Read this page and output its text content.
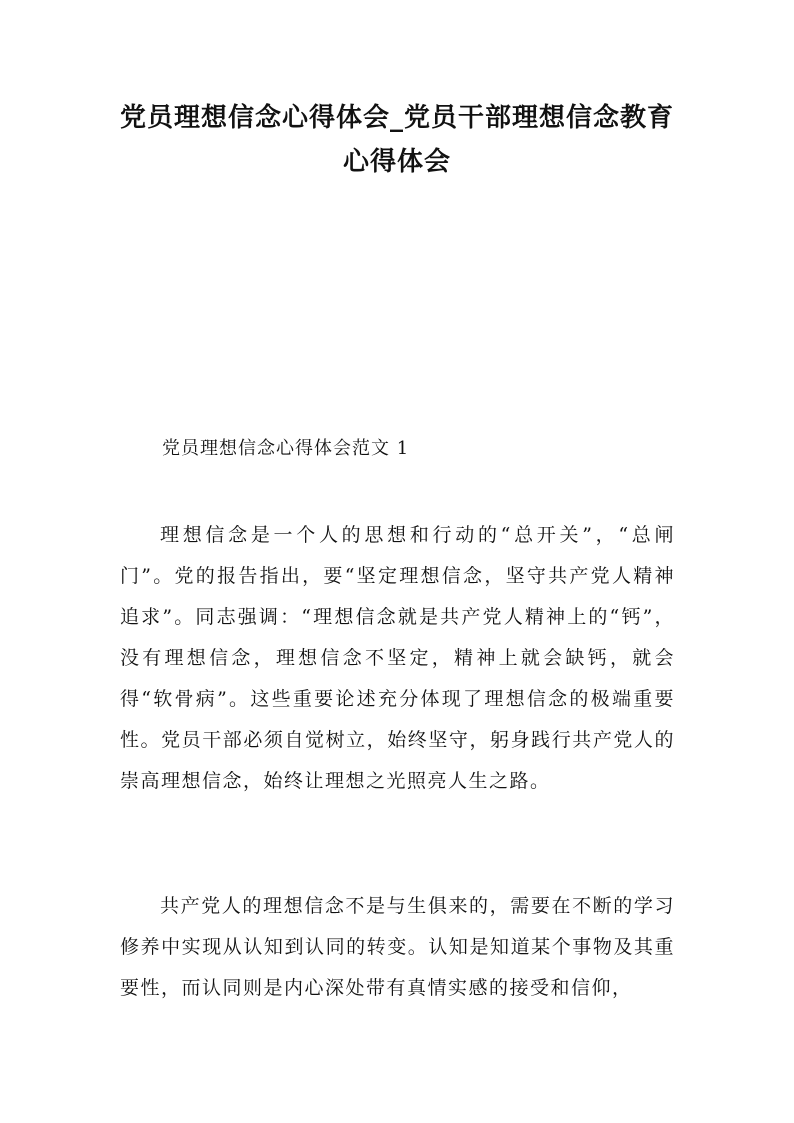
党员理想信念心得体会_党员干部理想信念教育
心得体会

党员理想信念心得体会范文 1

理想信念是一个人的思想和行动的“总开关”，“总闸门”。党的报告指出，要“坚定理想信念，坚守共产党人精神追求”。同志强调：“理想信念就是共产党人精神上的“钙”，没有理想信念，理想信念不坚定，精神上就会缺钙，就会得“软骨病”。这些重要论述充分体现了理想信念的极端重要性。党员干部必须自觉树立，始终坚守，躬身践行共产党人的崇高理想信念，始终让理想之光照亮人生之路。

共产党人的理想信念不是与生俱来的，需要在不断的学习修养中实现从认知到认同的转变。认知是知道某个事物及其重要性，而认同则是内心深处带有真情实感的接受和信仰，
